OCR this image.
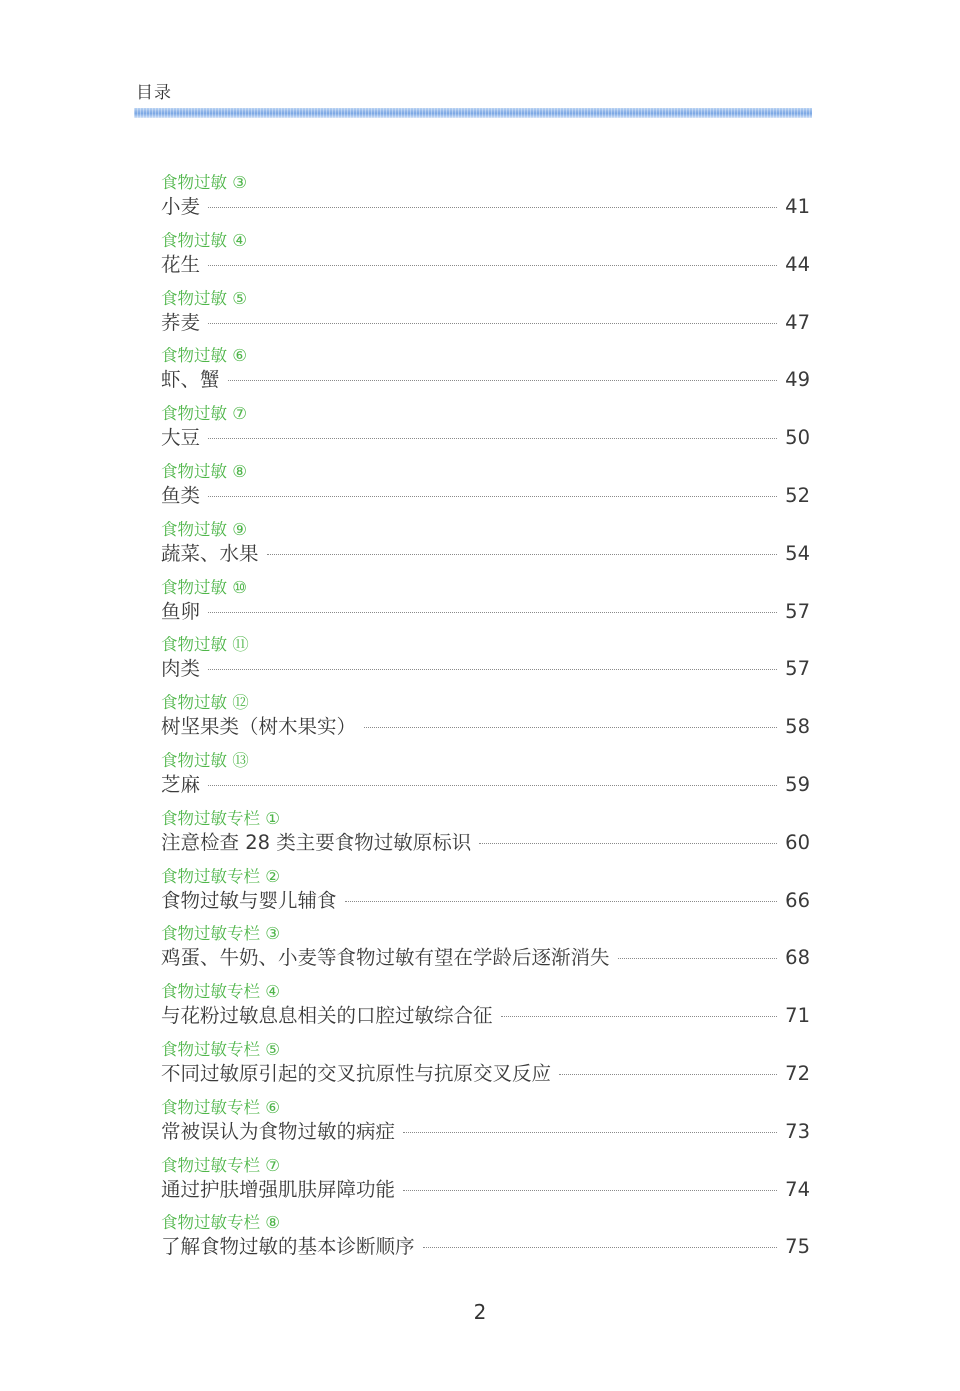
目录
食物过敏 ③
小麦	41
食物过敏 ④
花生	44
食物过敏 ⑤
荞麦	47
食物过敏 ⑥
虾、蟹	49
食物过敏 ⑦
大豆	50
食物过敏 ⑧
鱼类	52
食物过敏 ⑨
蔬菜、水果	54
食物过敏 ⑩
鱼卵	57
食物过敏 ⑪
肉类	57
食物过敏 ⑫
树坚果类（树木果实）	58
食物过敏 ⑬
芝麻	59
食物过敏专栏 ①
注意检查 28 类主要食物过敏原标识	60
食物过敏专栏 ②
食物过敏与婴儿辅食	66
食物过敏专栏 ③
鸡蛋、牛奶、小麦等食物过敏有望在学龄后逐渐消失	68
食物过敏专栏 ④
与花粉过敏息息相关的口腔过敏综合征	71
食物过敏专栏 ⑤
不同过敏原引起的交叉抗原性与抗原交叉反应	72
食物过敏专栏 ⑥
常被误认为食物过敏的病症	73
食物过敏专栏 ⑦
通过护肤增强肌肤屏障功能	74
食物过敏专栏 ⑧
了解食物过敏的基本诊断顺序	75
2
